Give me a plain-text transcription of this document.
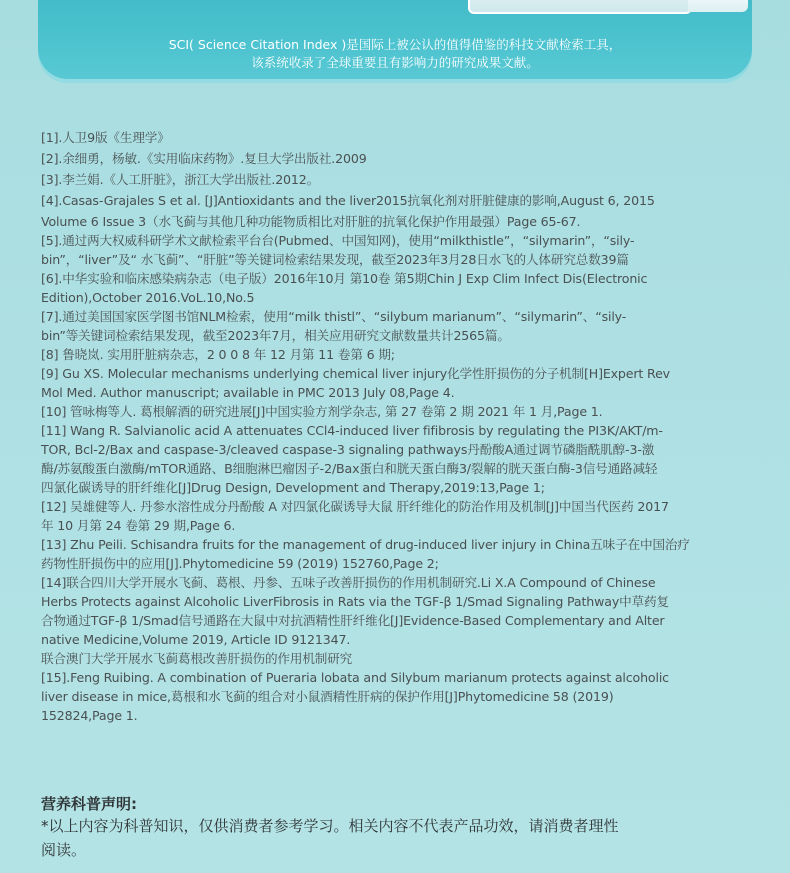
SCI( Science Citation Index )是国际上被公认的值得借鉴的科技文献检索工具，
该系统收录了全球重要且有影响力的研究成果文献。
[1].人卫9版《生理学》
[2].余细勇，杨敏.《实用临床药物》.复旦大学出版社.2009
[3].李兰娟.《人工肝脏》，浙江大学出版社.2012。
[4].Casas-Grajales S et al. [J]Antioxidants and the liver2015抗氧化剂对肝脏健康的影响,August 6, 2015
Volume 6 Issue 3（水飞蓟与其他几种功能物质相比对肝脏的抗氧化保护作用最强）Page 65-67.
[5].通过两大权威科研学术文献检索平台台(Pubmed、中国知网)，使用“milkthistle”，“silymarin”，“sily-
bin”，“liver”及“ 水飞蓟”、“肝脏”等关键词检索结果发现，截至2023年3月28日水飞的人体研究总数39篇
[6].中华实验和临床感染病杂志（电子版）2016年10月 第10卷 第5期Chin J Exp Clim Infect Dis(Electronic
Edition),October 2016.VoL.10,No.5
[7].通过美国国家医学图书馆NLM检索，使用“milk thistl”、“silybum marianum”、“silymarin”、“sily-
bin”等关键词检索结果发现，截至2023年7月，相关应用研究文献数量共计2565篇。
[8] 鲁晓岚. 实用肝脏病杂志，2 0 0 8 年 12 月第 11 卷第 6 期;
[9] Gu XS. Molecular mechanisms underlying chemical liver injury化学性肝损伤的分子机制[H]Expert Rev
Mol Med. Author manuscript; available in PMC 2013 July 08,Page 4.
[10] 管咏梅等人. 葛根解酒的研究进展[J]中国实验方剂学杂志, 第 27 卷第 2 期 2021 年 1 月,Page 1.
[11] Wang R. Salvianolic acid A attenuates CCl4-induced liver fifibrosis by regulating the PI3K/AKT/m-
TOR, Bcl-2/Bax and caspase-3/cleaved caspase-3 signaling pathways丹酚酸A通过调节磷脂酰肌醇-3-激
酶/苏氨酸蛋白激酶/mTOR通路、B细胞淋巴瘤因子-2/Bax蛋白和胱天蛋白酶3/裂解的胱天蛋白酶-3信号通路减轻
四氯化碳诱导的肝纤维化[J]Drug Design, Development and Therapy,2019:13,Page 1;
[12] 吴雄健等人. 丹参水溶性成分丹酚酸 A 对四氯化碳诱导大鼠 肝纤维化的防治作用及机制[J]中国当代医药 2017
年 10 月第 24 卷第 29 期,Page 6.
[13] Zhu Peili. Schisandra fruits for the management of drug-induced liver injury in China五味子在中国治疗
药物性肝损伤中的应用[J].Phytomedicine 59 (2019) 152760,Page 2;
[14]联合四川大学开展水飞蓟、葛根、丹参、五味子改善肝损伤的作用机制研究.Li X.A Compound of Chinese
Herbs Protects against Alcoholic LiverFibrosis in Rats via the TGF-β 1/Smad Signaling Pathway中草药复
合物通过TGF-β 1/Smad信号通路在大鼠中对抗酒精性肝纤维化[J]Evidence-Based Complementary and Alter
native Medicine,Volume 2019, Article ID 9121347.
联合澳门大学开展水飞蓟葛根改善肝损伤的作用机制研究
[15].Feng Ruibing. A combination of Pueraria lobata and Silybum marianum protects against alcoholic
liver disease in mice,葛根和水飞蓟的组合对小鼠酒精性肝病的保护作用[J]Phytomedicine 58 (2019)
152824,Page 1.
营养科普声明:
*以上内容为科普知识，仅供消费者参考学习。相关内容不代表产品功效，请消费者理性
阅读。
